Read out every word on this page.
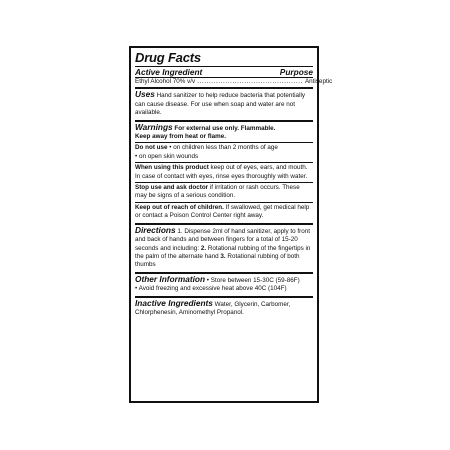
Drug Facts
Active Ingredient	Purpose
Ethyl Alcohol 70% v/v ............................................. Antiseptic

Uses Hand sanitizer to help reduce bacteria that potentially can cause disease. For use when soap and water are not available.

Warnings For external use only. Flammable.

Keep away from heat or flame.

Do not use • on children less than 2 months of age

• on open skin wounds

When using this product keep out of eyes, ears, and mouth. In case of contact with eyes, rinse eyes thoroughly with water.

Stop use and ask doctor if irritation or rash occurs. These may be signs of a serious condition.

Keep out of reach of children. If swallowed, get medical help or contact a Poison Control Center right away.

Directions 1. Dispense 2ml of hand sanitizer, apply to front and back of hands and between fingers for a total of 15-20 seconds and including: 2. Rotational rubbing of the fingertips in the palm of the alternate hand 3. Rotational rubbing of both thumbs

Other Information • Store between 15-30C (59-86F)

• Avoid freezing and excessive heat above 40C (104F)

Inactive Ingredients Water, Glycerin, Carbomer, Chlorphenesin, Aminomethyl Propanol.
